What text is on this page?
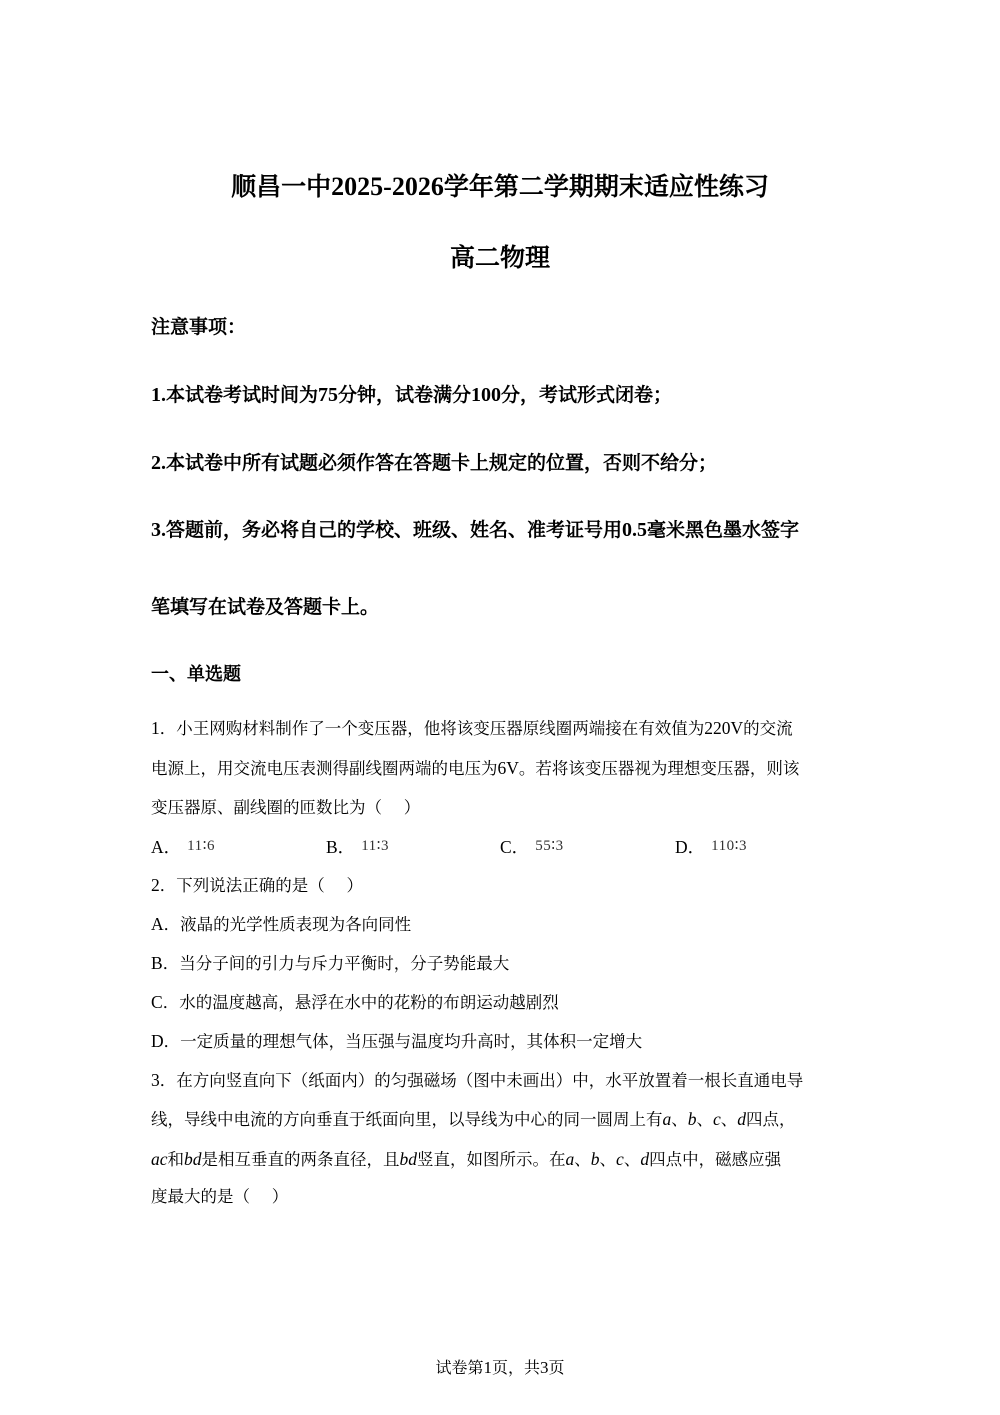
顺昌一中2025-2026学年第二学期期末适应性练习
高二物理
注意事项：
1.本试卷考试时间为75分钟，试卷满分100分，考试形式闭卷；
2.本试卷中所有试题必须作答在答题卡上规定的位置，否则不给分；
3.答题前，务必将自己的学校、班级、姓名、准考证号用0.5毫米黑色墨水签字
笔填写在试卷及答题卡上。
一、单选题
1．小王网购材料制作了一个变压器，他将该变压器原线圈两端接在有效值为220V的交流
电源上，用交流电压表测得副线圈两端的电压为6V。若将该变压器视为理想变压器，则该
变压器原、副线圈的匝数比为（　 ）
A． 11∶6	B． 11∶3	C． 55∶3	D． 110∶3
2．下列说法正确的是（　 ）
A．液晶的光学性质表现为各向同性
B．当分子间的引力与斥力平衡时，分子势能最大
C．水的温度越高，悬浮在水中的花粉的布朗运动越剧烈
D．一定质量的理想气体，当压强与温度均升高时，其体积一定增大
3．在方向竖直向下（纸面内）的匀强磁场（图中未画出）中，水平放置着一根长直通电导
线，导线中电流的方向垂直于纸面向里，以导线为中心的同一圆周上有a、b、c、d四点，
ac和bd是相互垂直的两条直径，且bd竖直，如图所示。在a、b、c、d四点中，磁感应强
度最大的是（　 ）
试卷第1页，共3页
